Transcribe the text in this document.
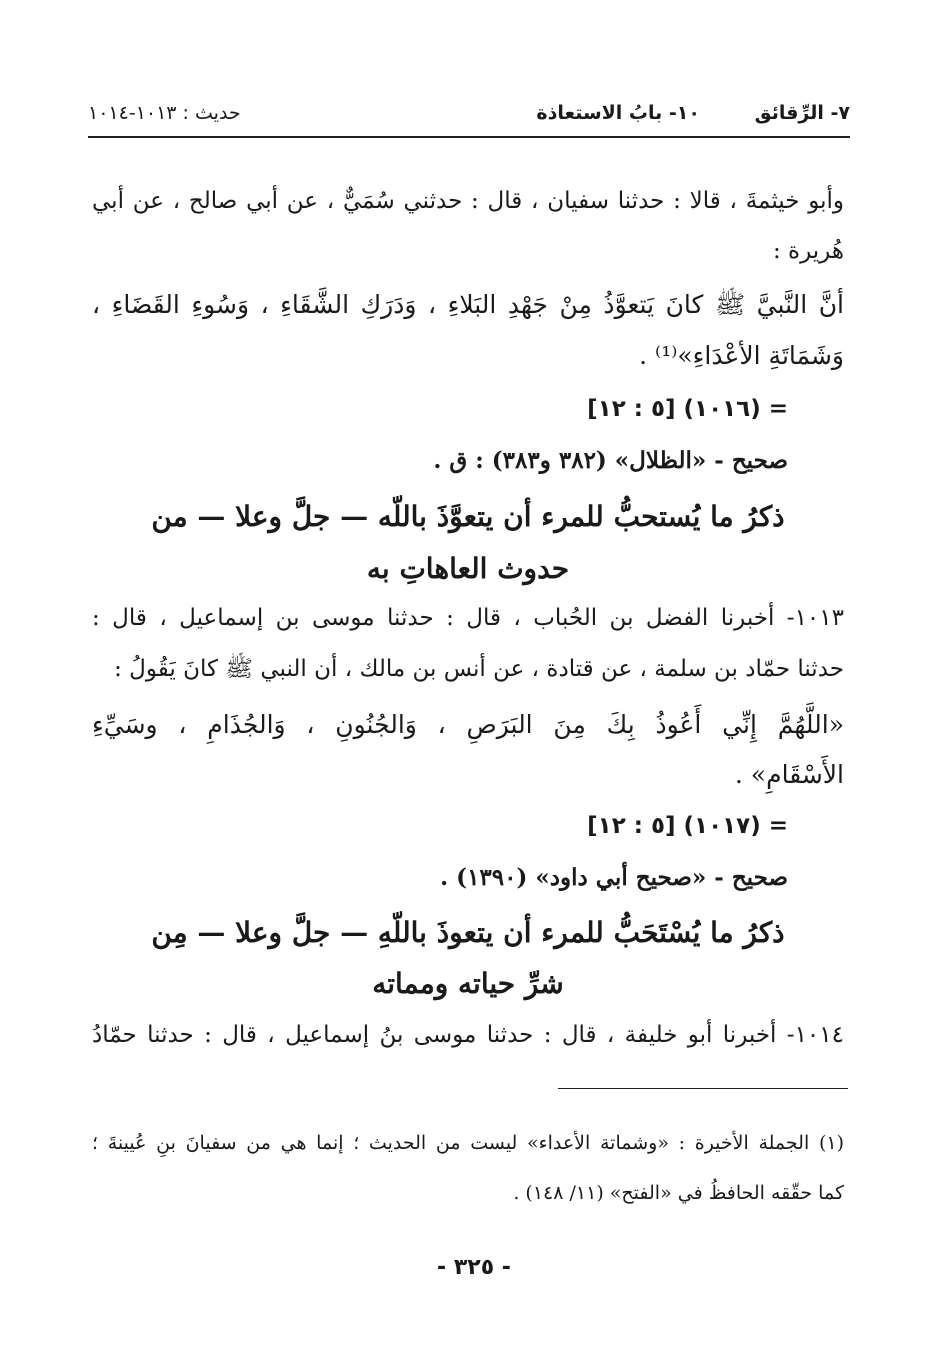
٧- الرِّقائق
١٠- بابُ الاستعاذة
حديث : ١٠١٣-١٠١٤
وأبو خيثمةَ ، قالا : حدثنا سفيان ، قال : حدثني سُمَيٌّ ، عن أبي صالح ، عن أبي
هُريرة :
أنَّ النَّبيَّ ﷺ كانَ يَتعوَّذُ مِنْ جَهْدِ البَلاءِ ، وَدَرَكِ الشَّقَاءِ ، وَسُوءِ القَضَاءِ ،
وَشَمَاتَةِ الأعْدَاءِ»⁽¹⁾ .
= (١٠١٦) [٥ : ١٢]
صحيح - «الظلال» (٣٨٢ و٣٨٣) : ق .
ذكرُ ما يُستحبُّ للمرء أن يتعوَّذَ باللّه — جلَّ وعلا — من
حدوث العاهاتِ به
١٠١٣- أخبرنا الفضل بن الحُباب ، قال : حدثنا موسى بن إسماعيل ، قال :
حدثنا حمّاد بن سلمة ، عن قتادة ، عن أنس بن مالك ، أن النبي ﷺ كانَ يَقُولُ :
«اللَّهُمَّ إِنِّي أَعُوذُ بِكَ مِنَ البَرَصِ ، وَالجُنُونِ ، وَالجُذَامِ ، وسَيِّءِ
الأَسْقَامِ» .
= (١٠١٧) [٥ : ١٢]
صحيح - «صحيح أبي داود» (١٣٩٠) .
ذكرُ ما يُسْتَحَبُّ للمرء أن يتعوذَ باللّهِ — جلَّ وعلا — مِن
شرِّ حياته ومماته
١٠١٤- أخبرنا أبو خليفة ، قال : حدثنا موسى بنُ إسماعيل ، قال : حدثنا حمّادُ
(١) الجملة الأخيرة : «وشماتة الأعداء» ليست من الحديث ؛ إنما هي من سفيانَ بنِ عُيينةَ ؛
كما حقّقه الحافظُ في «الفتح» (١١/ ١٤٨) .
- ٣٢٥ -
